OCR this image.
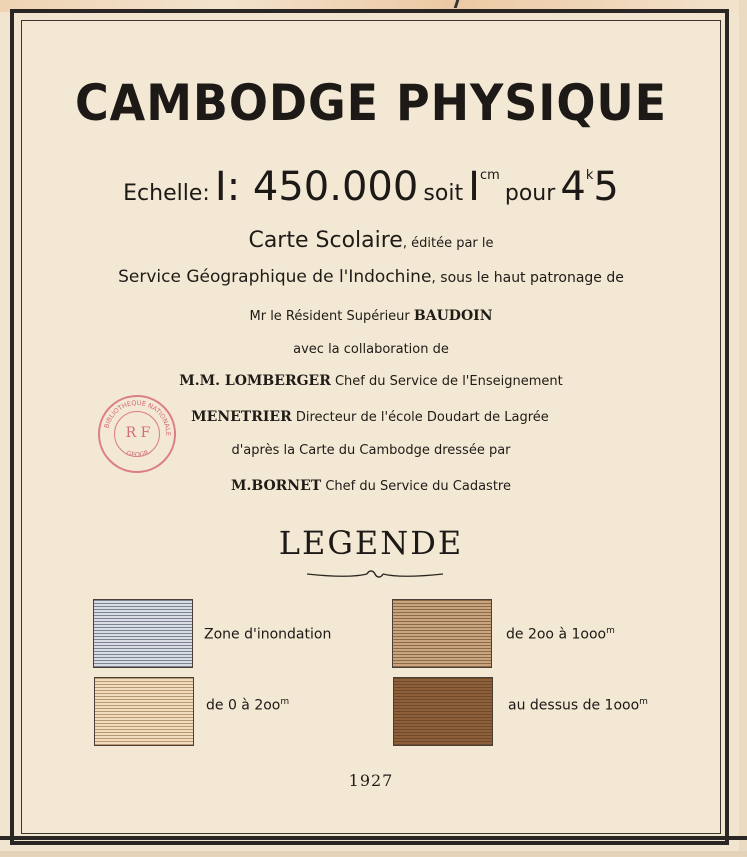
CAMBODGE PHYSIQUE
Echelle: I: 450.000 soit $I^{cm}$ pour 4$^k$5
Carte Scolaire, éditée par le
Service Géographique de l'Indochine, sous le haut patronage de
Mr le Résident Supérieur BAUDOIN
avec la collaboration de
M.M. LOMBERGER Chef du Service de l'Enseignement
MENETRIER Directeur de l'école Doudart de Lagrée
d'après la Carte du Cambodge dressée par
M.BORNET Chef du Service du Cadastre
BIBLIOTHEQUE NATIONALE
GEOGR.
R F
LEGENDE
Zone d'inondation
de 0 à $2oo^m$
de 2oo à 1ooo$^m$
au dessus de 1ooo$^m$
1927
